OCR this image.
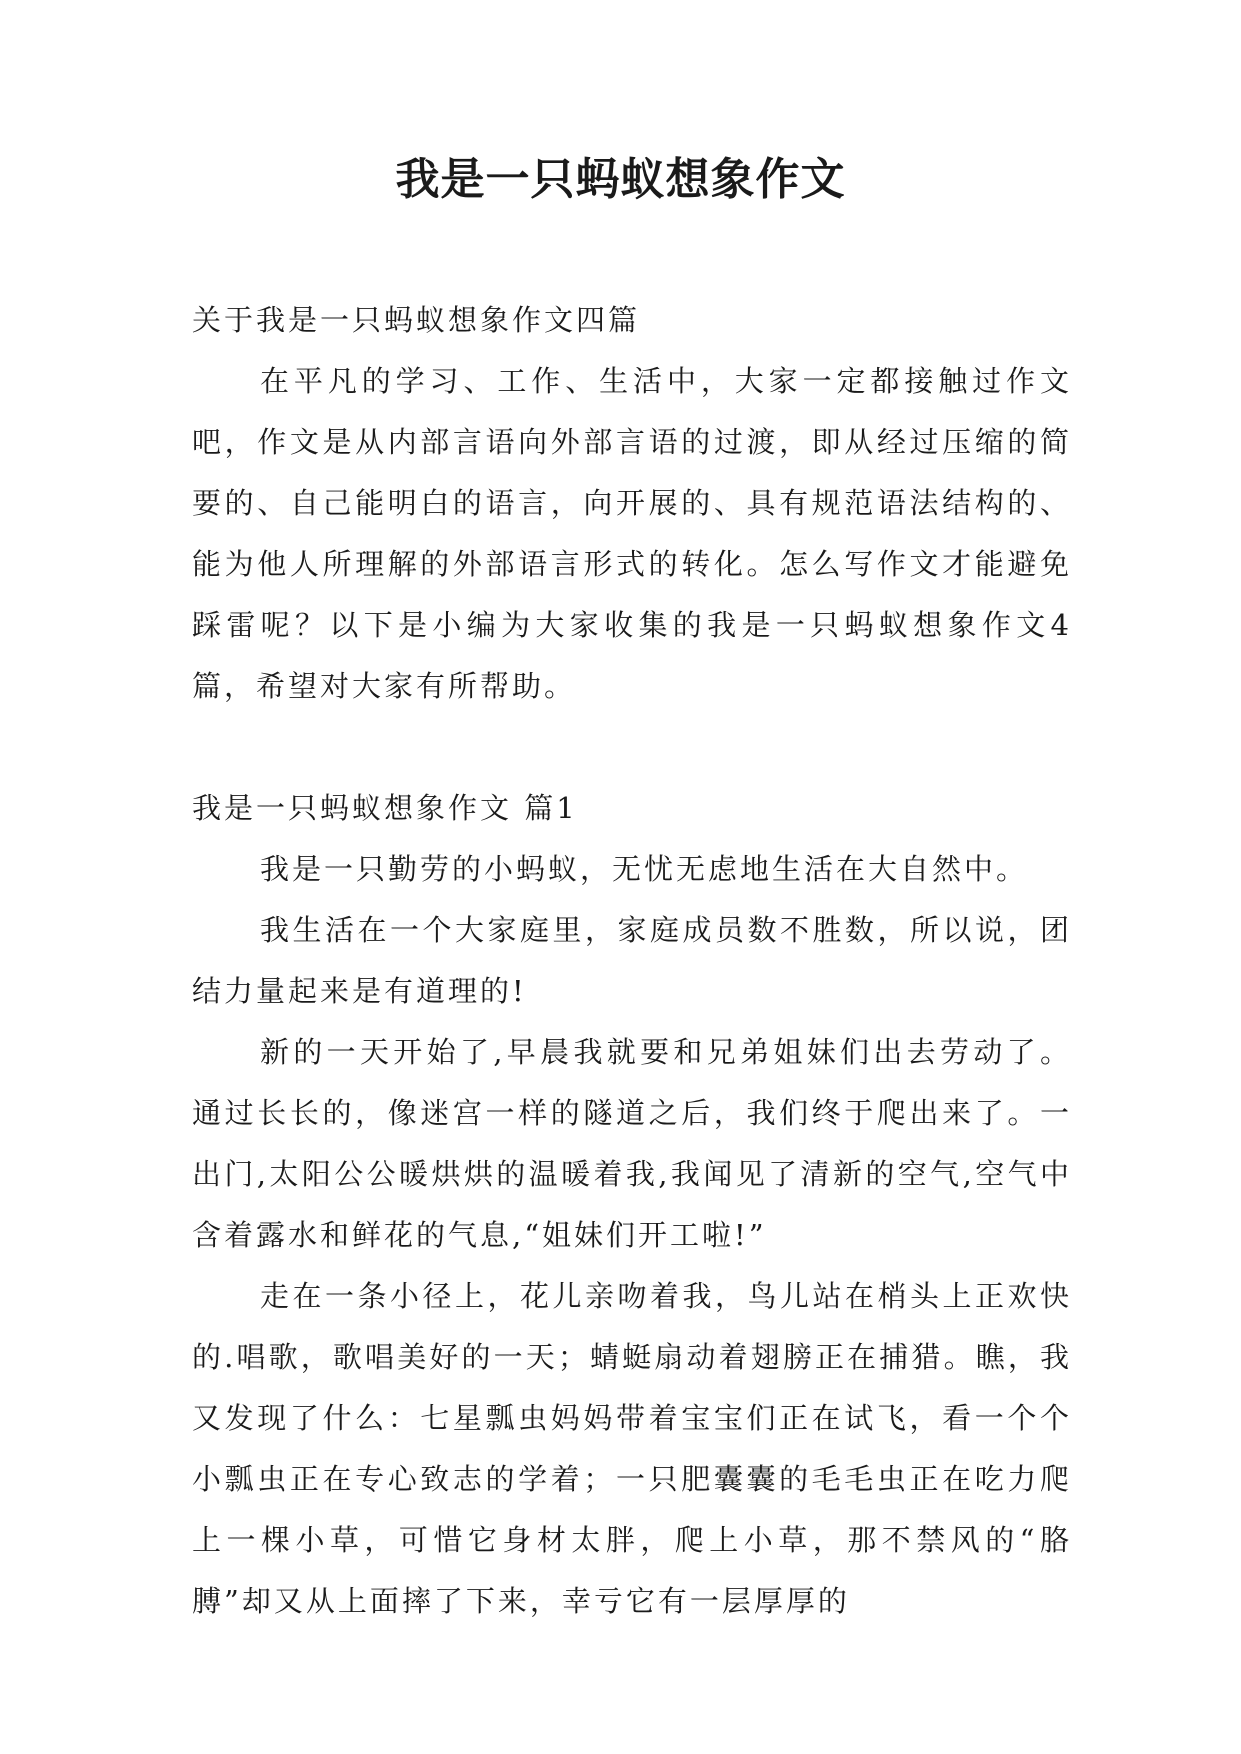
我是一只蚂蚁想象作文

关于我是一只蚂蚁想象作文四篇

在平凡的学习、工作、生活中，大家一定都接触过作文吧，作文是从内部言语向外部言语的过渡，即从经过压缩的简要的、自己能明白的语言，向开展的、具有规范语法结构的、能为他人所理解的外部语言形式的转化。怎么写作文才能避免踩雷呢？以下是小编为大家收集的我是一只蚂蚁想象作文4篇，希望对大家有所帮助。

我是一只蚂蚁想象作文 篇1

我是一只勤劳的小蚂蚁，无忧无虑地生活在大自然中。

我生活在一个大家庭里，家庭成员数不胜数，所以说，团结力量起来是有道理的!

新的一天开始了,早晨我就要和兄弟姐妹们出去劳动了。通过长长的，像迷宫一样的隧道之后，我们终于爬出来了。一出门,太阳公公暖烘烘的温暖着我,我闻见了清新的空气,空气中含着露水和鲜花的气息,“姐妹们开工啦!”

走在一条小径上，花儿亲吻着我，鸟儿站在梢头上正欢快的.唱歌，歌唱美好的一天；蜻蜓扇动着翅膀正在捕猎。瞧，我又发现了什么：七星瓢虫妈妈带着宝宝们正在试飞，看一个个小瓢虫正在专心致志的学着；一只肥囊囊的毛毛虫正在吃力爬上一棵小草，可惜它身材太胖，爬上小草，那不禁风的“胳膊”却又从上面摔了下来，幸亏它有一层厚厚的
